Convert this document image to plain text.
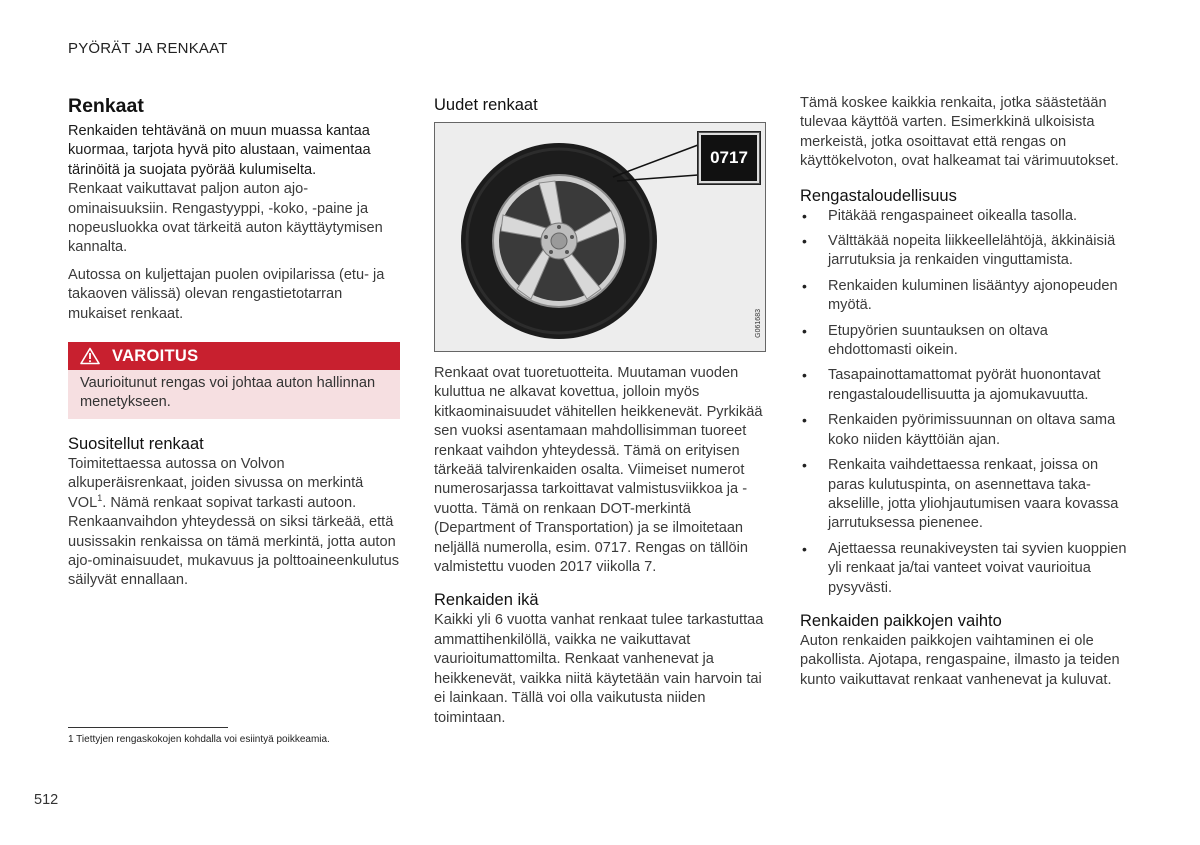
PYÖRÄT JA RENKAAT
Renkaat

Renkaiden tehtävänä on muun muassa kantaa kuormaa, tarjota hyvä pito alustaan, vaimentaa tärinöitä ja suojata pyörää kulumiselta.

Renkaat vaikuttavat paljon auton ajo-ominaisuuksiin. Rengastyyppi, -koko, -paine ja nopeusluokka ovat tärkeitä auton käyttäytymisen kannalta.

Autossa on kuljettajan puolen ovipilarissa (etu- ja takaoven välissä) olevan rengastietotarran mukaiset renkaat.

VAROITUS
Vaurioitunut rengas voi johtaa auton hallinnan menetykseen.
Suositellut renkaat

Toimitettaessa autossa on Volvon alkuperäisrenkaat, joiden sivussa on merkintä VOL$^1$. Nämä renkaat sopivat tarkasti autoon. Renkaanvaihdon yhteydessä on siksi tärkeää, että uusissakin renkaissa on tämä merkintä, jotta auton ajo-ominaisuudet, mukavuus ja polttoaineenkulutus säilyvät ennallaan.

Uudet renkaat
0717
G061683

Renkaat ovat tuoretuotteita. Muutaman vuoden kuluttua ne alkavat kovettua, jolloin myös kitkaominaisuudet vähitellen heikkenevät. Pyrkikää sen vuoksi asentamaan mahdollisimman tuoreet renkaat vaihdon yhteydessä. Tämä on erityisen tärkeää talvirenkaiden osalta. Viimeiset numerot numerosarjassa tarkoittavat valmistusviikkoa ja -vuotta. Tämä on renkaan DOT-merkintä (Department of Transportation) ja se ilmoitetaan neljällä numerolla, esim. 0717. Rengas on tällöin valmistettu vuoden 2017 viikolla 7.

Renkaiden ikä

Kaikki yli 6 vuotta vanhat renkaat tulee tarkastuttaa ammattihenkilöllä, vaikka ne vaikuttavat vaurioitumattomilta. Renkaat vanhenevat ja heikkenevät, vaikka niitä käytetään vain harvoin tai ei lainkaan. Tällä voi olla vaikutusta niiden toimintaan.

Tämä koskee kaikkia renkaita, jotka säästetään tulevaa käyttöä varten. Esimerkkinä ulkoisista merkeistä, jotka osoittavat että rengas on käyttökelvoton, ovat halkeamat tai värimuutokset.

Rengastaloudellisuus
• Pitäkää rengaspaineet oikealla tasolla.
• Välttäkää nopeita liikkeellelähtöjä, äkkinäisiä jarrutuksia ja renkaiden vinguttamista.
• Renkaiden kuluminen lisääntyy ajonopeuden myötä.
• Etupyörien suuntauksen on oltava ehdottomasti oikein.
• Tasapainottamattomat pyörät huonontavat rengastaloudellisuutta ja ajomukavuutta.
• Renkaiden pyörimissuunnan on oltava sama koko niiden käyttöiän ajan.
• Renkaita vaihdettaessa renkaat, joissa on paras kulutuspinta, on asennettava taka-akselille, jotta yliohjautumisen vaara kovassa jarrutuksessa pienenee.
• Ajettaessa reunakiveysten tai syvien kuoppien yli renkaat ja/tai vanteet voivat vaurioitua pysyvästi.
Renkaiden paikkojen vaihto

Auton renkaiden paikkojen vaihtaminen ei ole pakollista. Ajotapa, rengaspaine, ilmasto ja teiden kunto vaikuttavat renkaat vanhenevat ja kuluvat.

1 Tiettyjen rengaskokojen kohdalla voi esiintyä poikkeamia.
512
